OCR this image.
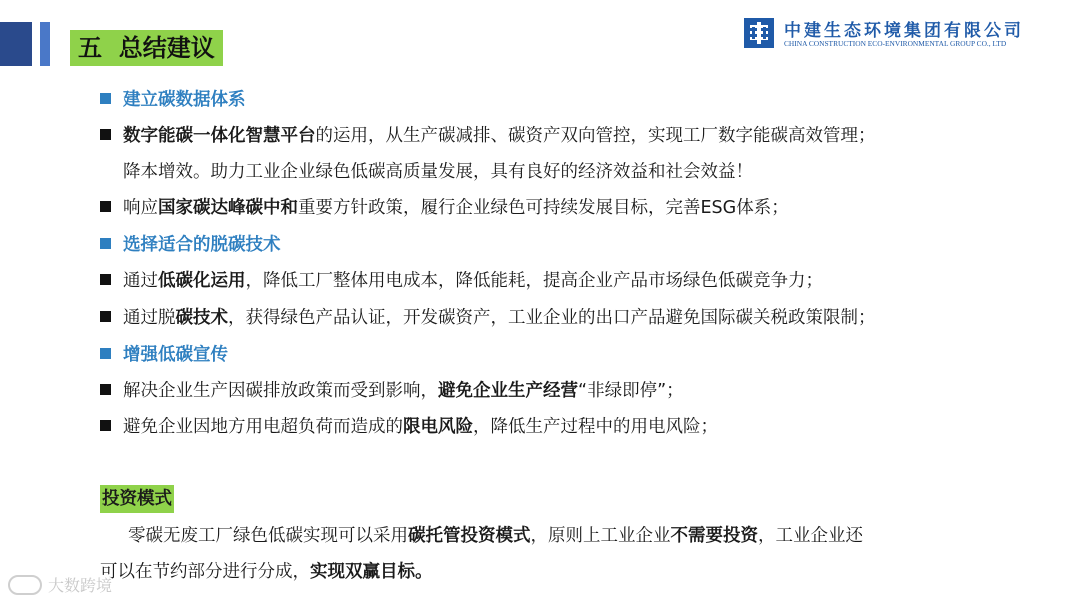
五 总结建议
中建生态环境集团有限公司
CHINA CONSTRUCTION ECO-ENVIRONMENTAL GROUP CO., LTD
建立碳数据体系
数字能碳一体化智慧平台的运用，从生产碳减排、碳资产双向管控，实现工厂数字能碳高效管理；
降本增效。助力工业企业绿色低碳高质量发展，具有良好的经济效益和社会效益！
响应国家碳达峰碳中和重要方针政策，履行企业绿色可持续发展目标，完善ESG体系；
选择适合的脱碳技术
通过低碳化运用，降低工厂整体用电成本，降低能耗，提高企业产品市场绿色低碳竞争力；
通过脱碳技术，获得绿色产品认证，开发碳资产，工业企业的出口产品避免国际碳关税政策限制；
增强低碳宣传
解决企业生产因碳排放政策而受到影响，避免企业生产经营“非绿即停”；
避免企业因地方用电超负荷而造成的限电风险，降低生产过程中的用电风险；
投资模式
零碳无废工厂绿色低碳实现可以采用碳托管投资模式，原则上工业企业不需要投资，工业企业还
可以在节约部分进行分成，实现双赢目标。
大数跨境
